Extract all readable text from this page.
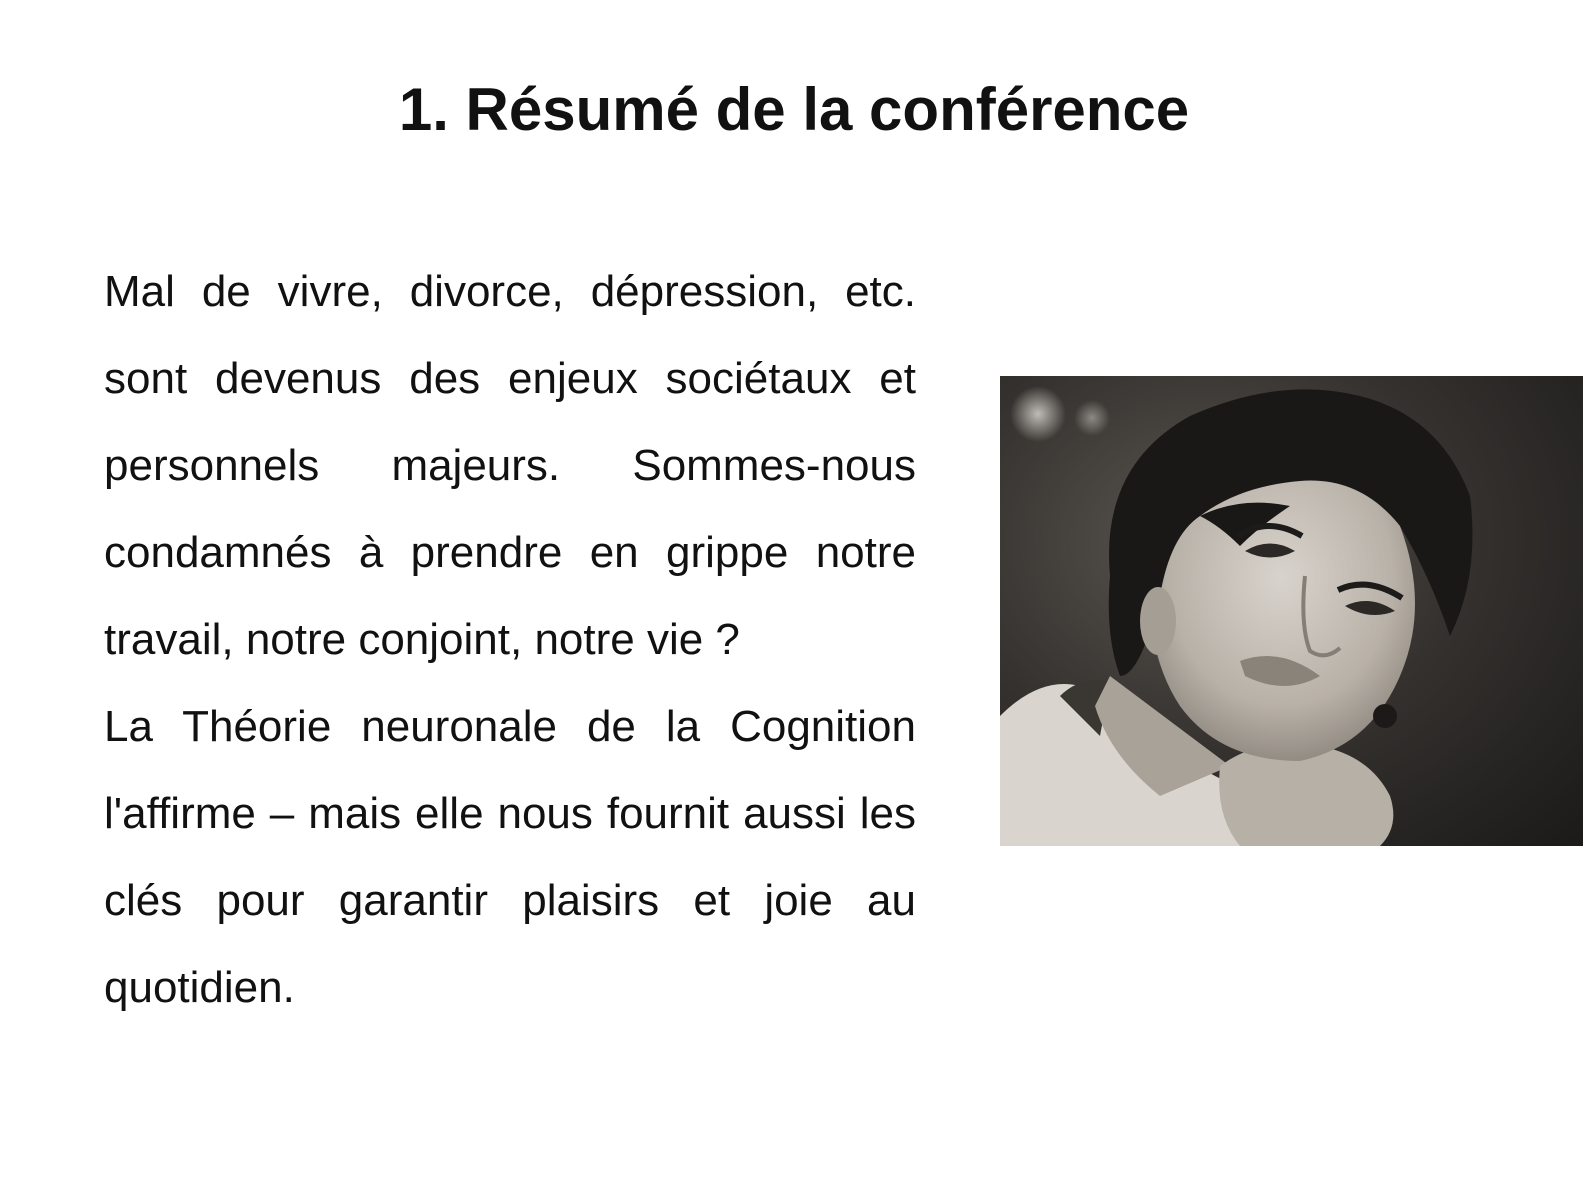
1. Résumé de la conférence

Mal de vivre, divorce, dépression, etc. sont devenus des enjeux sociétaux et personnels majeurs. Sommes-nous condamnés à prendre en grippe notre travail, notre conjoint, notre vie ?

La Théorie neuronale de la Cognition l'affirme – mais elle nous fournit aussi les clés pour garantir plaisirs et joie au quotidien.
